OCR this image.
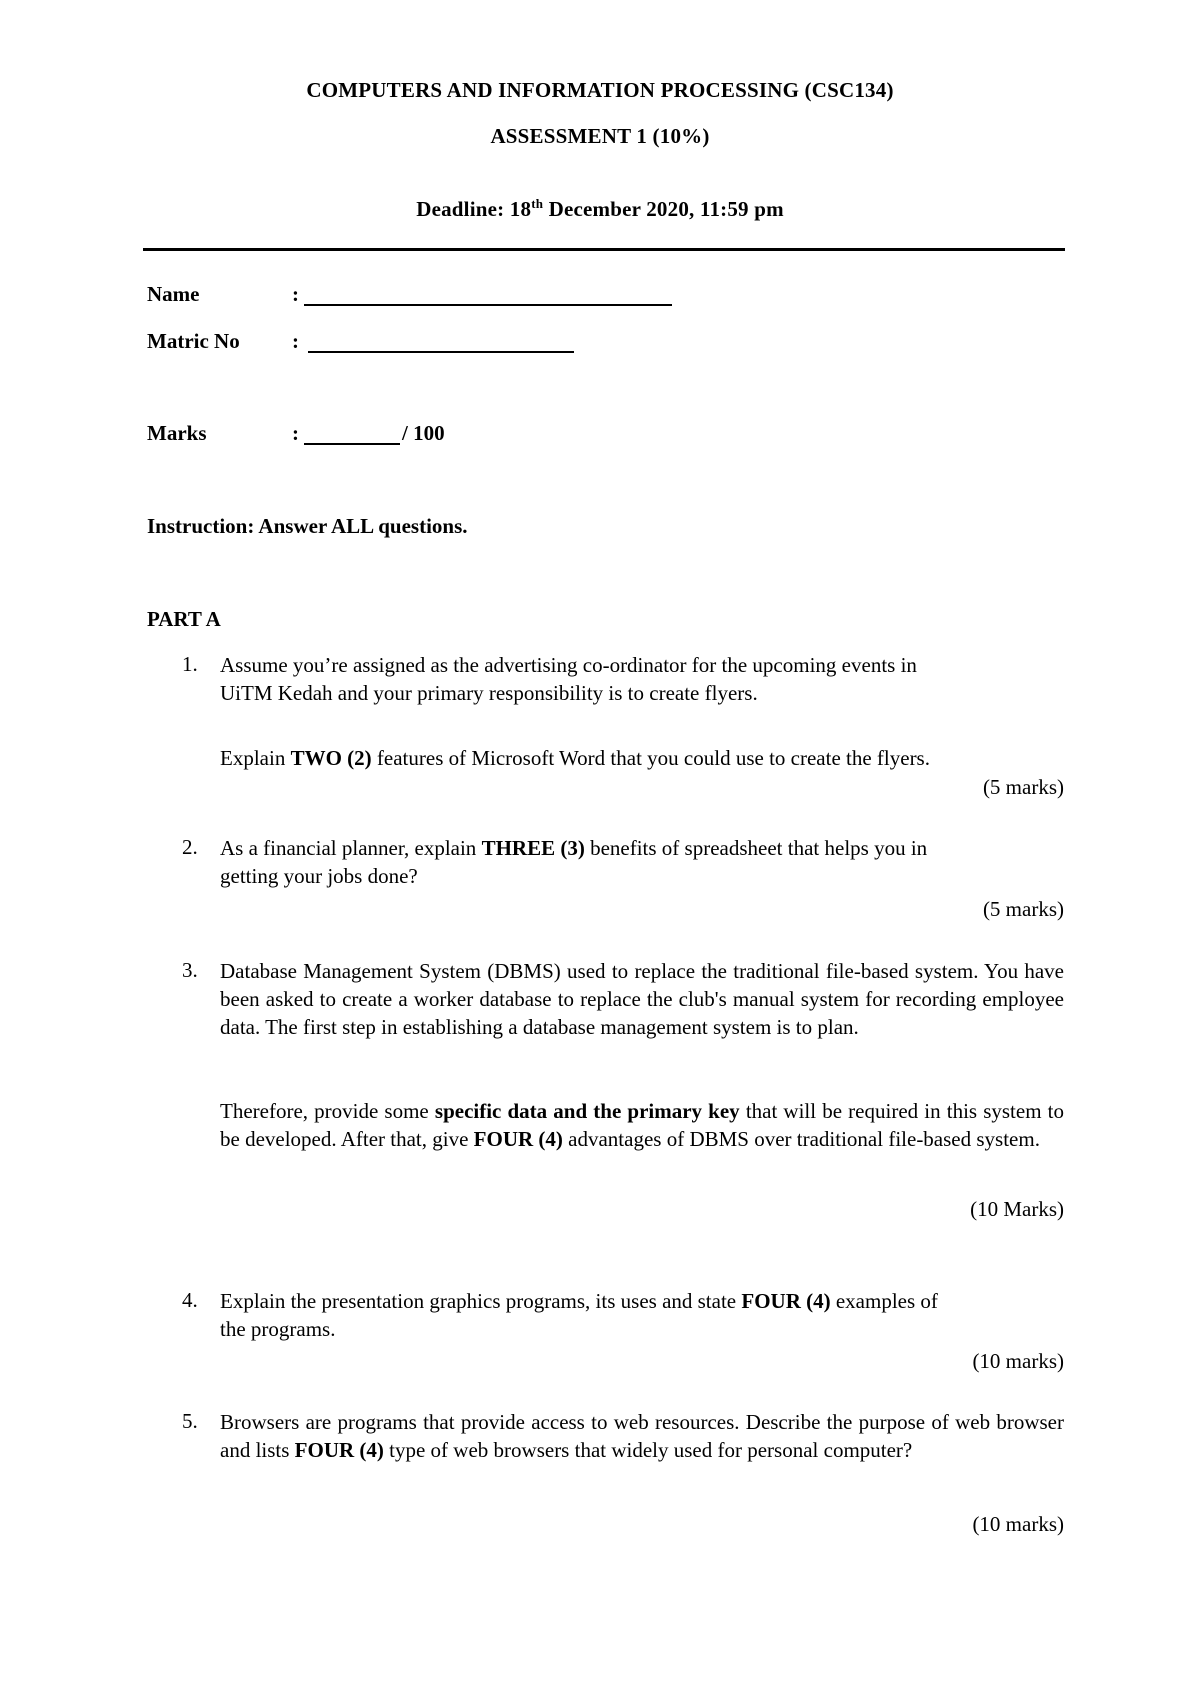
COMPUTERS AND INFORMATION PROCESSING (CSC134)
ASSESSMENT 1 (10%)
Deadline: 18th December 2020, 11:59 pm
Name	:
Matric No :
Marks	:	/ 100
Instruction: Answer ALL questions.
PART A
1. Assume you’re assigned as the advertising co-ordinator for the upcoming events in
UiTM Kedah and your primary responsibility is to create flyers.
Explain TWO (2) features of Microsoft Word that you could use to create the flyers.
(5 marks)
2. As a financial planner, explain THREE (3) benefits of spreadsheet that helps you in
getting your jobs done?
(5 marks)
3. Database Management System (DBMS) used to replace the traditional file-based system. You have been asked to create a worker database to replace the club's manual system for recording employee data. The first step in establishing a database management system is to plan.
Therefore, provide some specific data and the primary key that will be required in this system to be developed. After that, give FOUR (4) advantages of DBMS over traditional file-based system.
(10 Marks)
4. Explain the presentation graphics programs, its uses and state FOUR (4) examples of
the programs.
(10 marks)
5. Browsers are programs that provide access to web resources. Describe the purpose of web browser and lists FOUR (4) type of web browsers that widely used for personal computer?
(10 marks)
